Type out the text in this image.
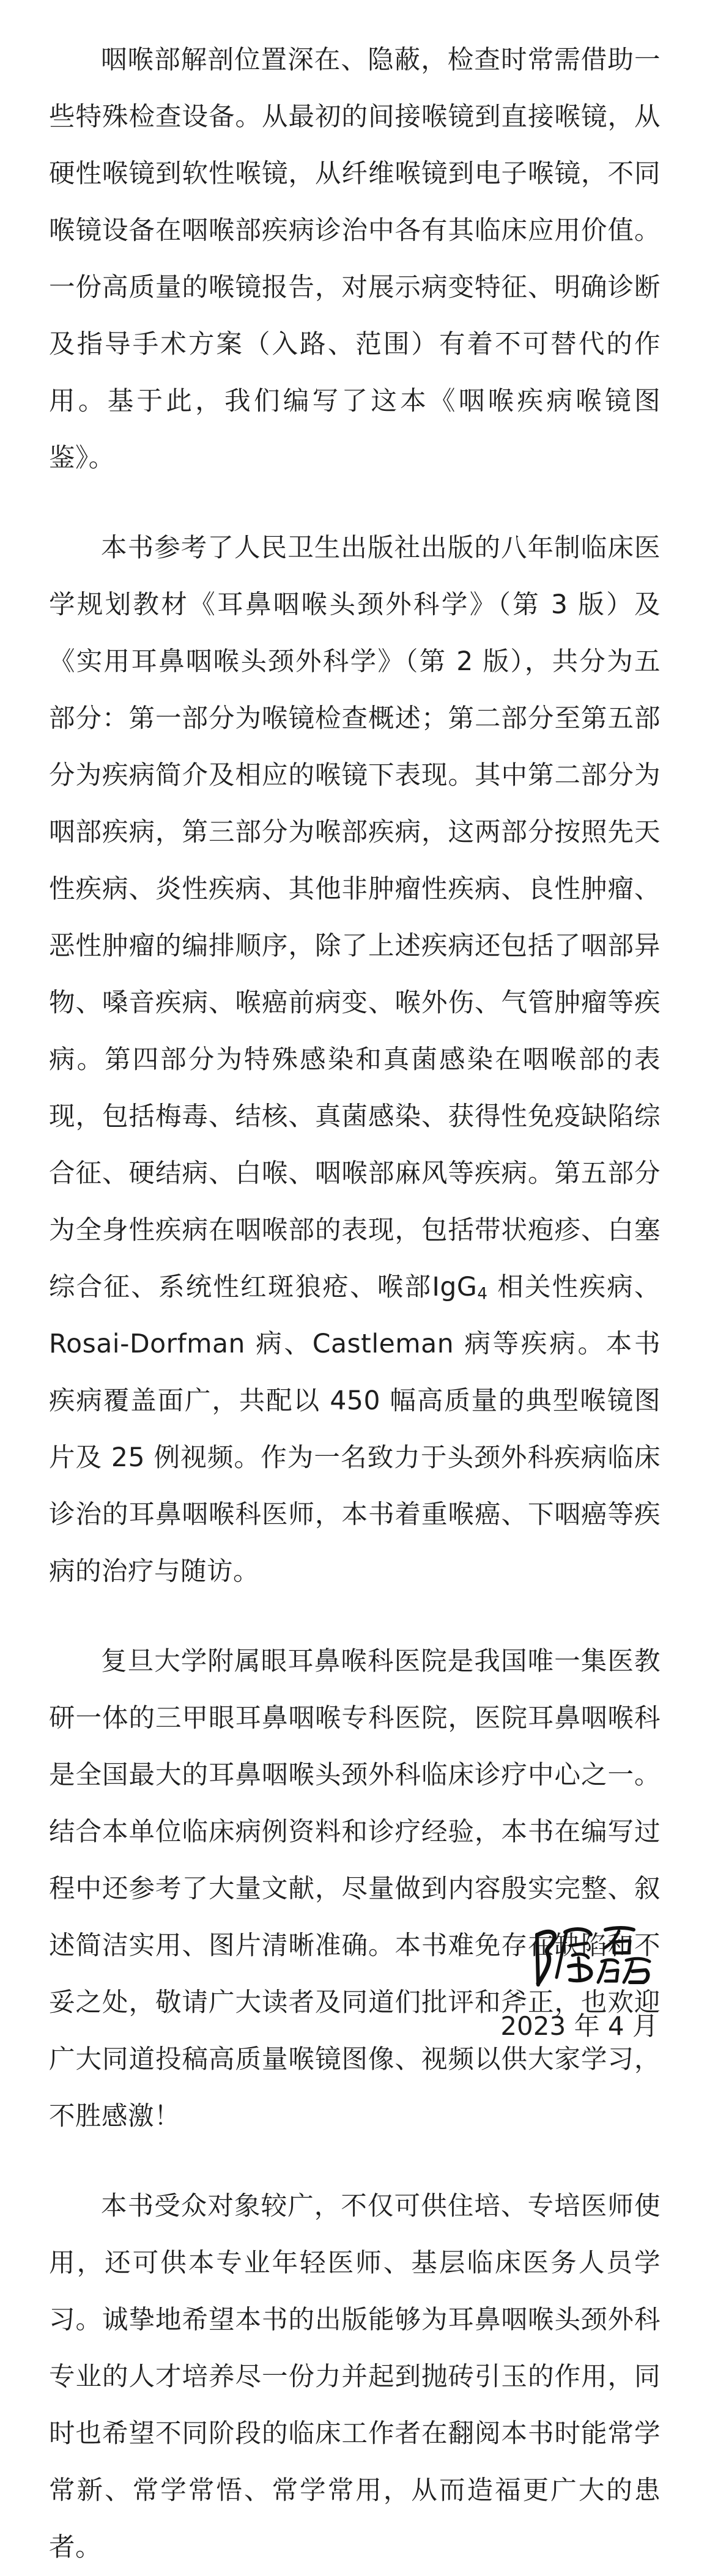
咽喉部解剖位置深在、隐蔽，检查时常需借助一些特殊检查设备。从最初的间接喉镜到直接喉镜，从硬性喉镜到软性喉镜，从纤维喉镜到电子喉镜，不同喉镜设备在咽喉部疾病诊治中各有其临床应用价值。一份高质量的喉镜报告，对展示病变特征、明确诊断及指导手术方案（入路、范围）有着不可替代的作用。基于此，我们编写了这本《咽喉疾病喉镜图鉴》。

本书参考了人民卫生出版社出版的八年制临床医学规划教材《耳鼻咽喉头颈外科学》（第 3 版）及《实用耳鼻咽喉头颈外科学》（第 2 版），共分为五部分：第一部分为喉镜检查概述；第二部分至第五部分为疾病简介及相应的喉镜下表现。其中第二部分为咽部疾病，第三部分为喉部疾病，这两部分按照先天性疾病、炎性疾病、其他非肿瘤性疾病、良性肿瘤、恶性肿瘤的编排顺序，除了上述疾病还包括了咽部异物、嗓音疾病、喉癌前病变、喉外伤、气管肿瘤等疾病。第四部分为特殊感染和真菌感染在咽喉部的表现，包括梅毒、结核、真菌感染、获得性免疫缺陷综合征、硬结病、白喉、咽喉部麻风等疾病。第五部分为全身性疾病在咽喉部的表现，包括带状疱疹、白塞综合征、系统性红斑狼疮、喉部IgG4 相关性疾病、Rosai-Dorfman 病、Castleman 病等疾病。本书疾病覆盖面广，共配以 450 幅高质量的典型喉镜图片及 25 例视频。作为一名致力于头颈外科疾病临床诊治的耳鼻咽喉科医师，本书着重喉癌、下咽癌等疾病的治疗与随访。

复旦大学附属眼耳鼻喉科医院是我国唯一集医教研一体的三甲眼耳鼻咽喉专科医院，医院耳鼻咽喉科是全国最大的耳鼻咽喉头颈外科临床诊疗中心之一。结合本单位临床病例资料和诊疗经验，本书在编写过程中还参考了大量文献，尽量做到内容殷实完整、叙述简洁实用、图片清晰准确。本书难免存在缺陷和不妥之处，敬请广大读者及同道们批评和斧正，也欢迎广大同道投稿高质量喉镜图像、视频以供大家学习，不胜感激！

本书受众对象较广，不仅可供住培、专培医师使用，还可供本专业年轻医师、基层临床医务人员学习。诚挚地希望本书的出版能够为耳鼻咽喉头颈外科专业的人才培养尽一份力并起到抛砖引玉的作用，同时也希望不同阶段的临床工作者在翻阅本书时能常学常新、常学常悟、常学常用，从而造福更广大的患者。

2023 年 4 月
